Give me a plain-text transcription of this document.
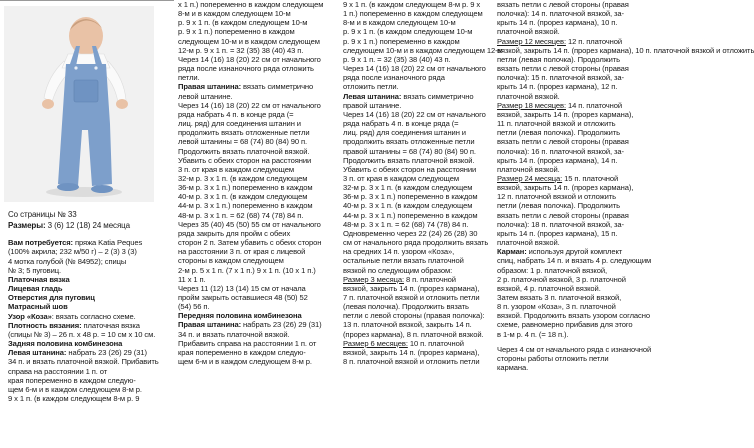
Со страницы № 33

Размеры: 3 (6) 12 (18) 24 месяца

Вам потребуется: пряжа Katia Peques

(100% акрила; 232 м/50 г) – 2 (3) 3 (3)

4 мотка голубой (№ 84952); спицы

№ 3; 5 пуговиц.

Платочная вязка

Лицевая гладь

Отверстия для пуговиц

Матрасный шов

Узор «Коза»: вязать согласно схеме.

Плотность вязания: платочная вязка

(спицы № 3) – 26 п. х 48 р. = 10 см х 10 см.

Задняя половина комбинезона

Левая штанина: набрать 23 (26) 29 (31)

34 п. и вязать платочной вязкой. Прибавить справа на расстоянии 1 п. от

края попеременно в каждом следую-

щем 6-м и в каждом следующем 8-м р.

9 х 1 п. (в каждом следующем 8-м р. 9

х 1 п.) попеременно в каждом следующем

8-м и в каждом следующем 10-м

р. 9 х 1 п. (в каждом следующем 10-м

р. 9 х 1 п.) попеременно в каждом

следующем 10-м и в каждом следующем

12-м р. 9 х 1 п. = 32 (35) 38 (40) 43 п.

Через 14 (16) 18 (20) 22 см от начального

ряда после изнаночного ряда отложить

петли.

Правая штанина: вязать симметрично

левой штанине.

Через 14 (16) 18 (20) 22 см от начального

ряда набрать 4 п. в конце ряда (=

лиц. ряд) для соединения штанин и

продолжить вязать отложенные петли

левой штанины = 68 (74) 80 (84) 90 п.

Продолжить вязать платочной вязкой.

Убавить с обеих сторон на расстоянии

3 п. от края в каждом следующем

32-м р. 3 х 1 п. (в каждом следующем

36-м р. 3 х 1 п.) попеременно в каждом

40-м р. 3 х 1 п. (в каждом следующем

44-м р. 3 х 1 п.) попеременно в каждом

48-м р. 3 х 1 п. = 62 (68) 74 (78) 84 п.

Через 35 (40) 45 (50) 55 см от начального

ряда закрыть для пройм с обеих

сторон 2 п. Затем убавить с обеих сторон

на расстоянии 3 п. от края с лицевой

стороны в каждом следующем

2-м р. 5 х 1 п. (7 х 1 п.) 9 х 1 п. (10 х 1 п.)

11 х 1 п.

Через 11 (12) 13 (14) 15 см от начала

пройм закрыть оставшиеся 48 (50) 52

(54) 56 п.

Передняя половина комбинезона

Правая штанина: набрать 23 (26) 29 (31)

34 п. и вязать платочной вязкой.

Прибавить справа на расстоянии 1 п. от

края попеременно в каждом следую-

щем 6-м и в каждом следующем 8-м р.

9 х 1 п. (в каждом следующем 8-м р. 9 х

1 п.) попеременно в каждом следующем

8-м и в каждом следующем 10-м

р. 9 х 1 п. (в каждом следующем 10-м

р. 9 х 1 п.) попеременно в каждом

следующем 10-м и в каждом следующем 12-м

р. 9 х 1 п. = 32 (35) 38 (40) 43 п.

Через 14 (16) 18 (20) 22 см от начального

ряда после изнаночного ряда

отложить петли.

Левая штанина: вязать симметрично

правой штанине.

Через 14 (16) 18 (20) 22 см от начального

ряда набрать 4 п. в конце ряда (=

лиц. ряд) для соединения штанин и

продолжить вязать отложенные петли

правой штанины = 68 (74) 80 (84) 90 п.

Продолжить вязать платочной вязкой.

Убавить с обеих сторон на расстоянии

3 п. от края в каждом следующем

32-м р. 3 х 1 п. (в каждом следующем

36-м р. 3 х 1 п.) попеременно в каждом

40-м р. 3 х 1 п. (в каждом следующем

44-м р. 3 х 1 п.) попеременно в каждом

48-м р. 3 х 1 п. = 62 (68) 74 (78) 84 п.

Одновременно через 22 (24) 26 (28) 30

см от начального ряда продолжить вязать

на средних 14 п. узором «Коза»,

остальные петли вязать платочной

вязкой по следующим образом:

Размер 3 месяца: 8 п. платочной

вязкой, закрыть 14 п. (прорез кармана),

7 п. платочной вязкой и отложить петли

(левая полочка). Продолжить вязать

петли с левой стороны (правая полочка):

13 п. платочной вязкой, закрыть 14 п.

(прорез кармана), 8 п. платочной вязкой.

Размер 6 месяцев: 10 п. платочной

вязкой, закрыть 14 п. (прорез кармана),

8 п. платочной вязкой и отложить петли

вязать петли с левой стороны (правая

полочка): 14 п. платочной вязкой, за-

крыть 14 п. (прорез кармана), 10 п.

платочной вязкой.

Размер 12 месяцев: 12 п. платочной

вязкой, закрыть 14 п. (прорез кармана), 10 п. платочной вязкой и отложить

петли (левая полочка). Продолжить

вязать петли с левой стороны (правая

полочка): 15 п. платочной вязкой, за-

крыть 14 п. (прорез кармана), 12 п.

платочной вязкой.

Размер 18 месяцев: 14 п. платочной

вязкой, закрыть 14 п. (прорез кармана),

11 п. платочной вязкой и отложить

петли (левая полочка). Продолжить

вязать петли с левой стороны (правая

полочка): 16 п. платочной вязкой, за-

крыть 14 п. (прорез кармана), 14 п.

платочной вязкой.

Размер 24 месяца: 15 п. платочной

вязкой, закрыть 14 п. (прорез кармана),

12 п. платочной вязкой и отложить

петли (левая полочка). Продолжить

вязать петли с левой стороны (правая

полочка): 18 п. платочной вязкой, за-

крыть 14 п. (прорез кармана), 15 п.

платочной вязкой.

Карман: используя другой комплект

спиц, набрать 14 п. и вязать 4 р. следующим

образом: 1 р. платочной вязкой,

2 р. платочной вязкой, 3 р. платочной

вязкой, 4 р. платочной вязкой.

Затем вязать 3 п. платочной вязкой,

8 п. узором «Коза», 3 п. платочной

вязкой. Продолжить вязать узором согласно

схеме, равномерно прибавив для этого

в 1-м р. 4 п. (= 18 п.).

Через 4 см от начального ряда с изнаночной

стороны работы отложить петли

кармана.
